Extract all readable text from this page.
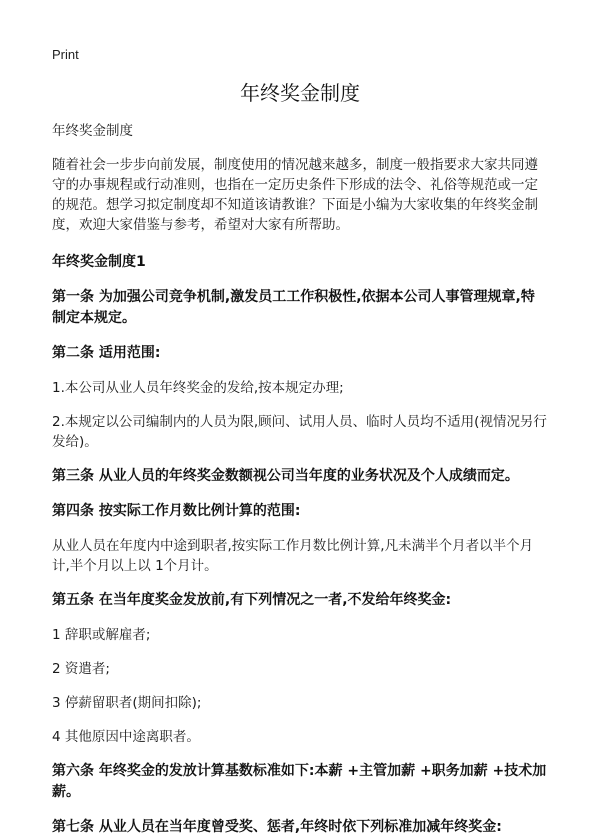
Print
年终奖金制度

年终奖金制度

随着社会一步步向前发展，制度使用的情况越来越多，制度一般指要求大家共同遵守的办事规程或行动准则，也指在一定历史条件下形成的法令、礼俗等规范或一定的规范。想学习拟定制度却不知道该请教谁？下面是小编为大家收集的年终奖金制度，欢迎大家借鉴与参考，希望对大家有所帮助。

年终奖金制度1

第一条 为加强公司竞争机制,激发员工工作积极性,依据本公司人事管理规章,特制定本规定。

第二条 适用范围:

1.本公司从业人员年终奖金的发给,按本规定办理;

2.本规定以公司编制内的人员为限,顾问、试用人员、临时人员均不适用(视情况另行发给)。

第三条 从业人员的年终奖金数额视公司当年度的业务状况及个人成绩而定。

第四条 按实际工作月数比例计算的范围:

从业人员在年度内中途到职者,按实际工作月数比例计算,凡未满半个月者以半个月计,半个月以上以 1个月计。

第五条 在当年度奖金发放前,有下列情况之一者,不发给年终奖金:

1 辞职或解雇者;

2 资遣者;

3 停薪留职者(期间扣除);

4 其他原因中途离职者。

第六条 年终奖金的发放计算基数标准如下:本薪 +主管加薪 +职务加薪 +技术加薪。

第七条 从业人员在当年度曾受奖、惩者,年终时依下列标准加减年终奖金:
